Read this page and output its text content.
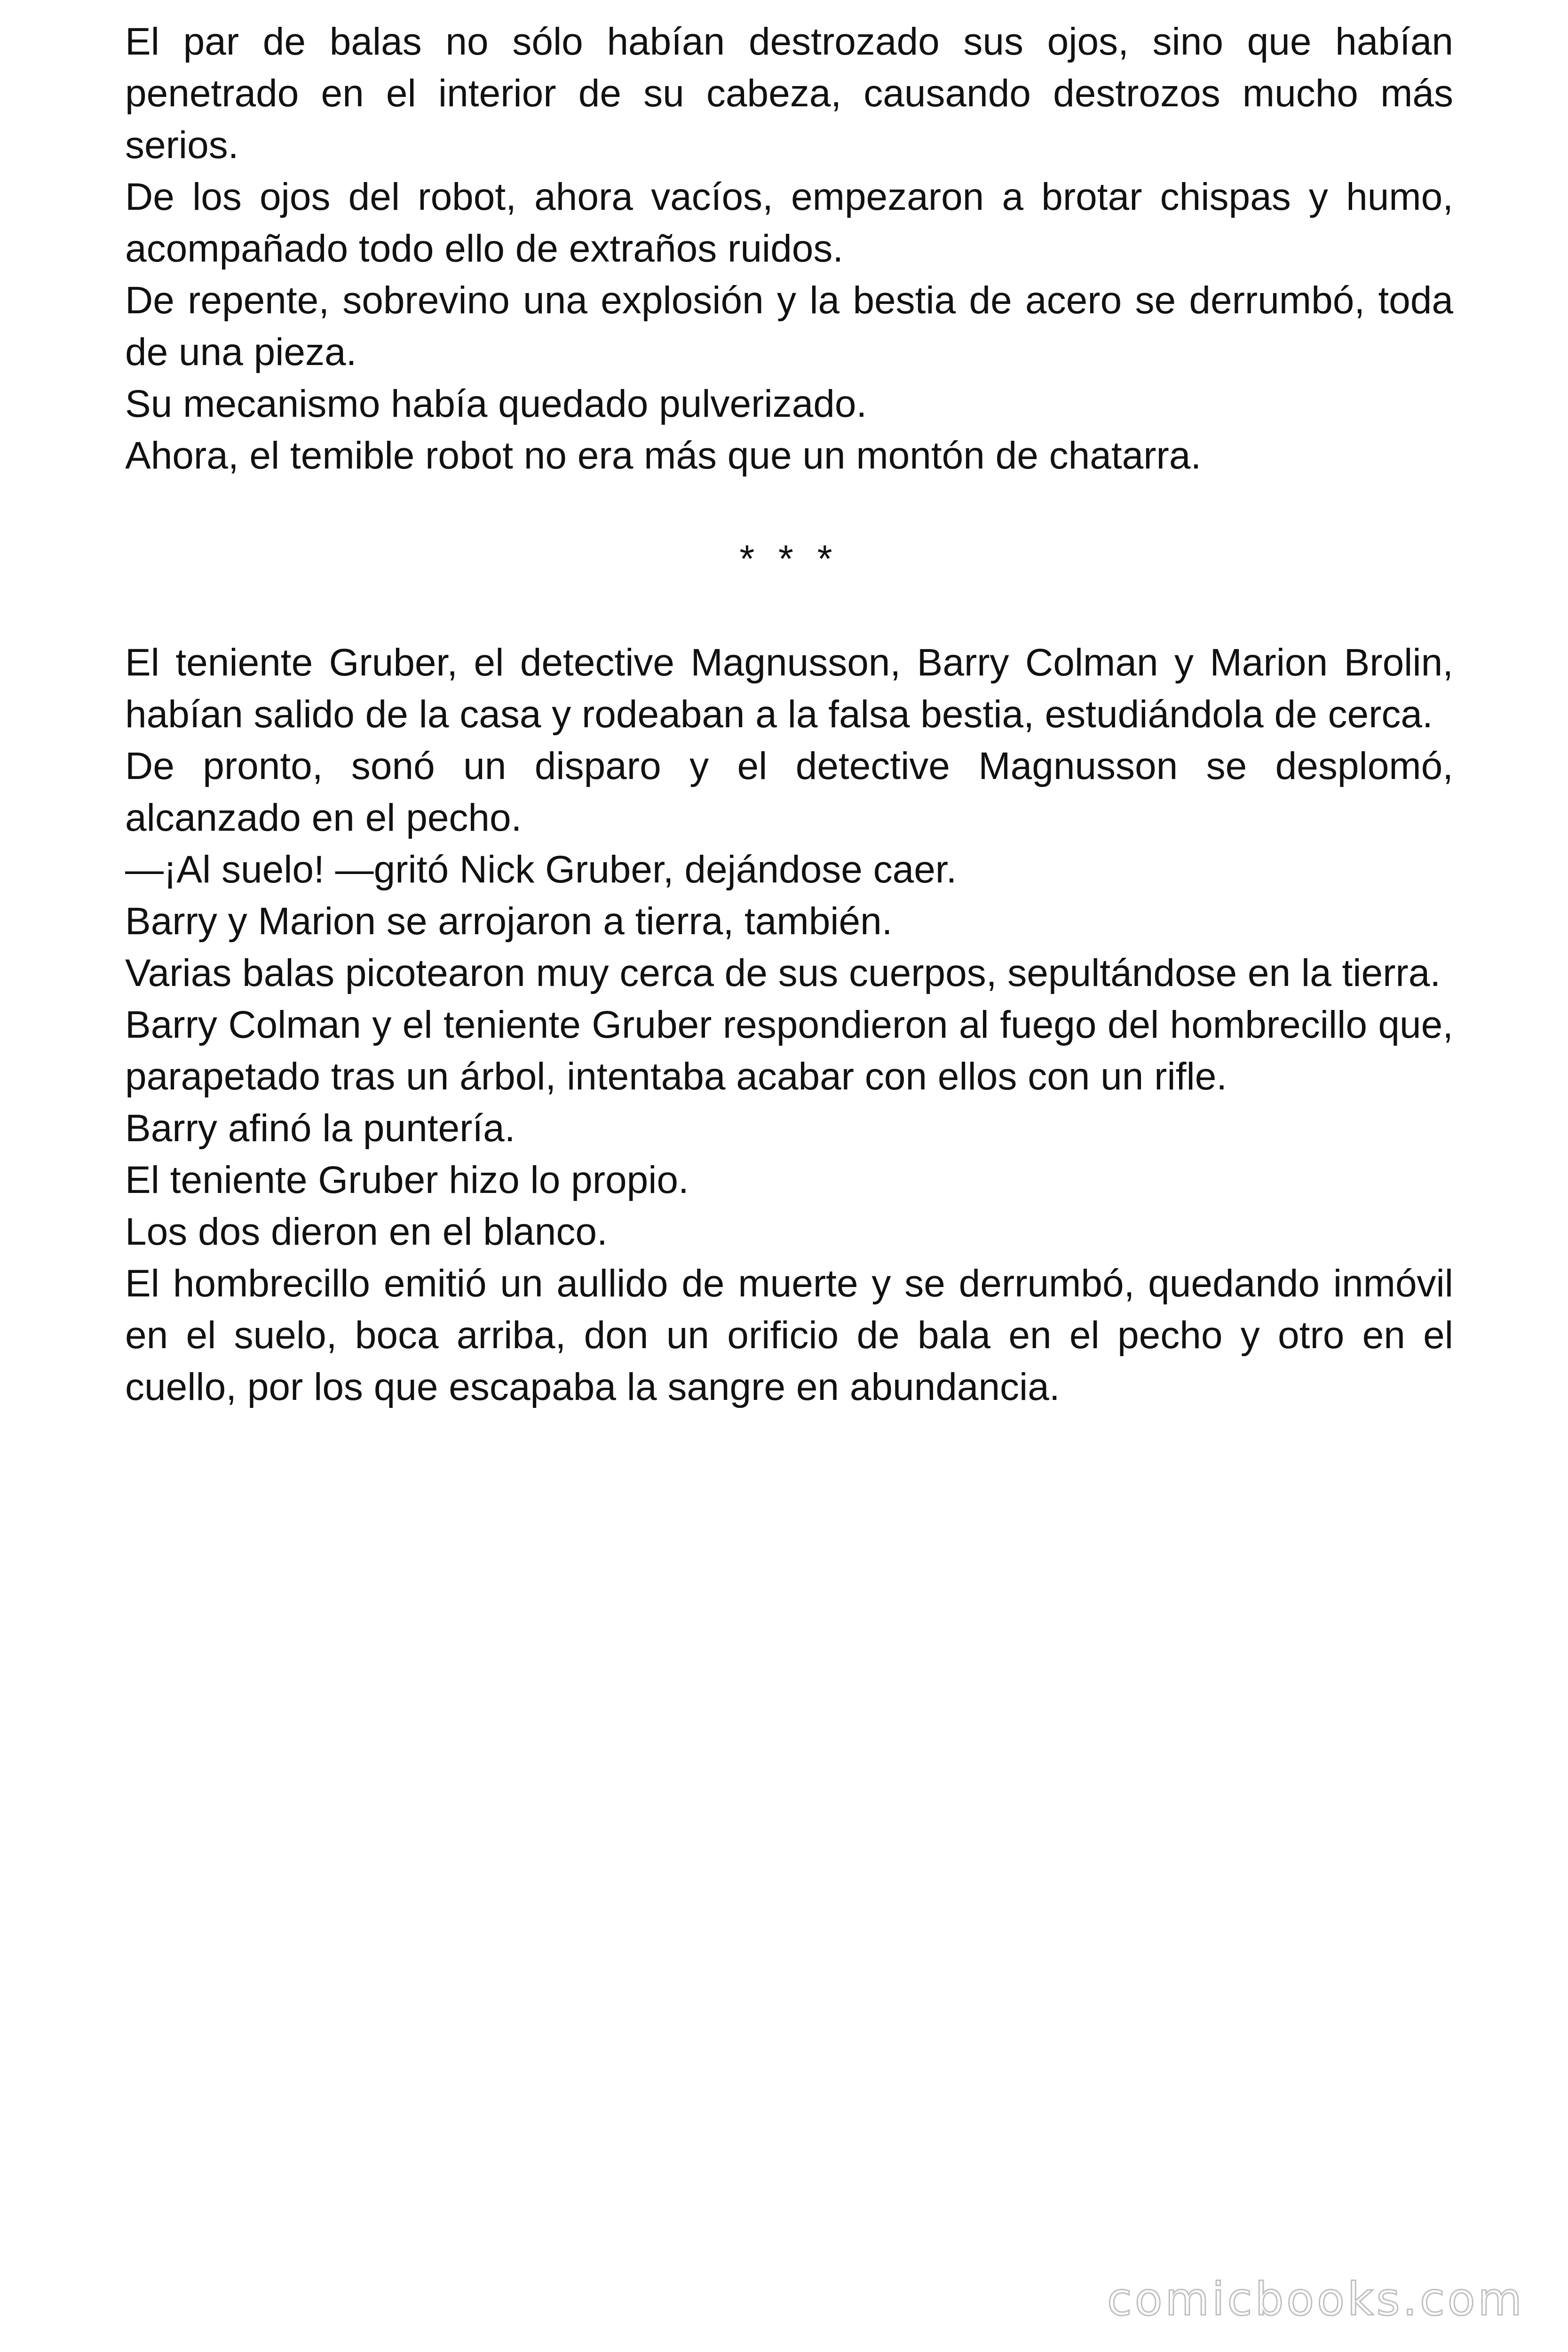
El par de balas no sólo habían destrozado sus ojos, sino que habían penetrado en el interior de su cabeza, causando destrozos mucho más serios.

De los ojos del robot, ahora vacíos, empezaron a brotar chispas y humo, acompañado todo ello de extraños ruidos.

De repente, sobrevino una explosión y la bestia de acero se derrumbó, toda de una pieza.

Su mecanismo había quedado pulverizado.

Ahora, el temible robot no era más que un montón de chatarra.

* * *

El teniente Gruber, el detective Magnusson, Barry Colman y Marion Brolin, habían salido de la casa y rodeaban a la falsa bestia, estudiándola de cerca.

De pronto, sonó un disparo y el detective Magnusson se desplomó, alcanzado en el pecho.

—¡Al suelo! —gritó Nick Gruber, dejándose caer.

Barry y Marion se arrojaron a tierra, también.

Varias balas picotearon muy cerca de sus cuerpos, sepultándose en la tierra.

Barry Colman y el teniente Gruber respondieron al fuego del hombrecillo que, parapetado tras un árbol, intentaba acabar con ellos con un rifle.

Barry afinó la puntería.

El teniente Gruber hizo lo propio.

Los dos dieron en el blanco.

El hombrecillo emitió un aullido de muerte y se derrumbó, quedando inmóvil en el suelo, boca arriba, don un orificio de bala en el pecho y otro en el cuello, por los que escapaba la sangre en abundancia.

comicbooks.com
